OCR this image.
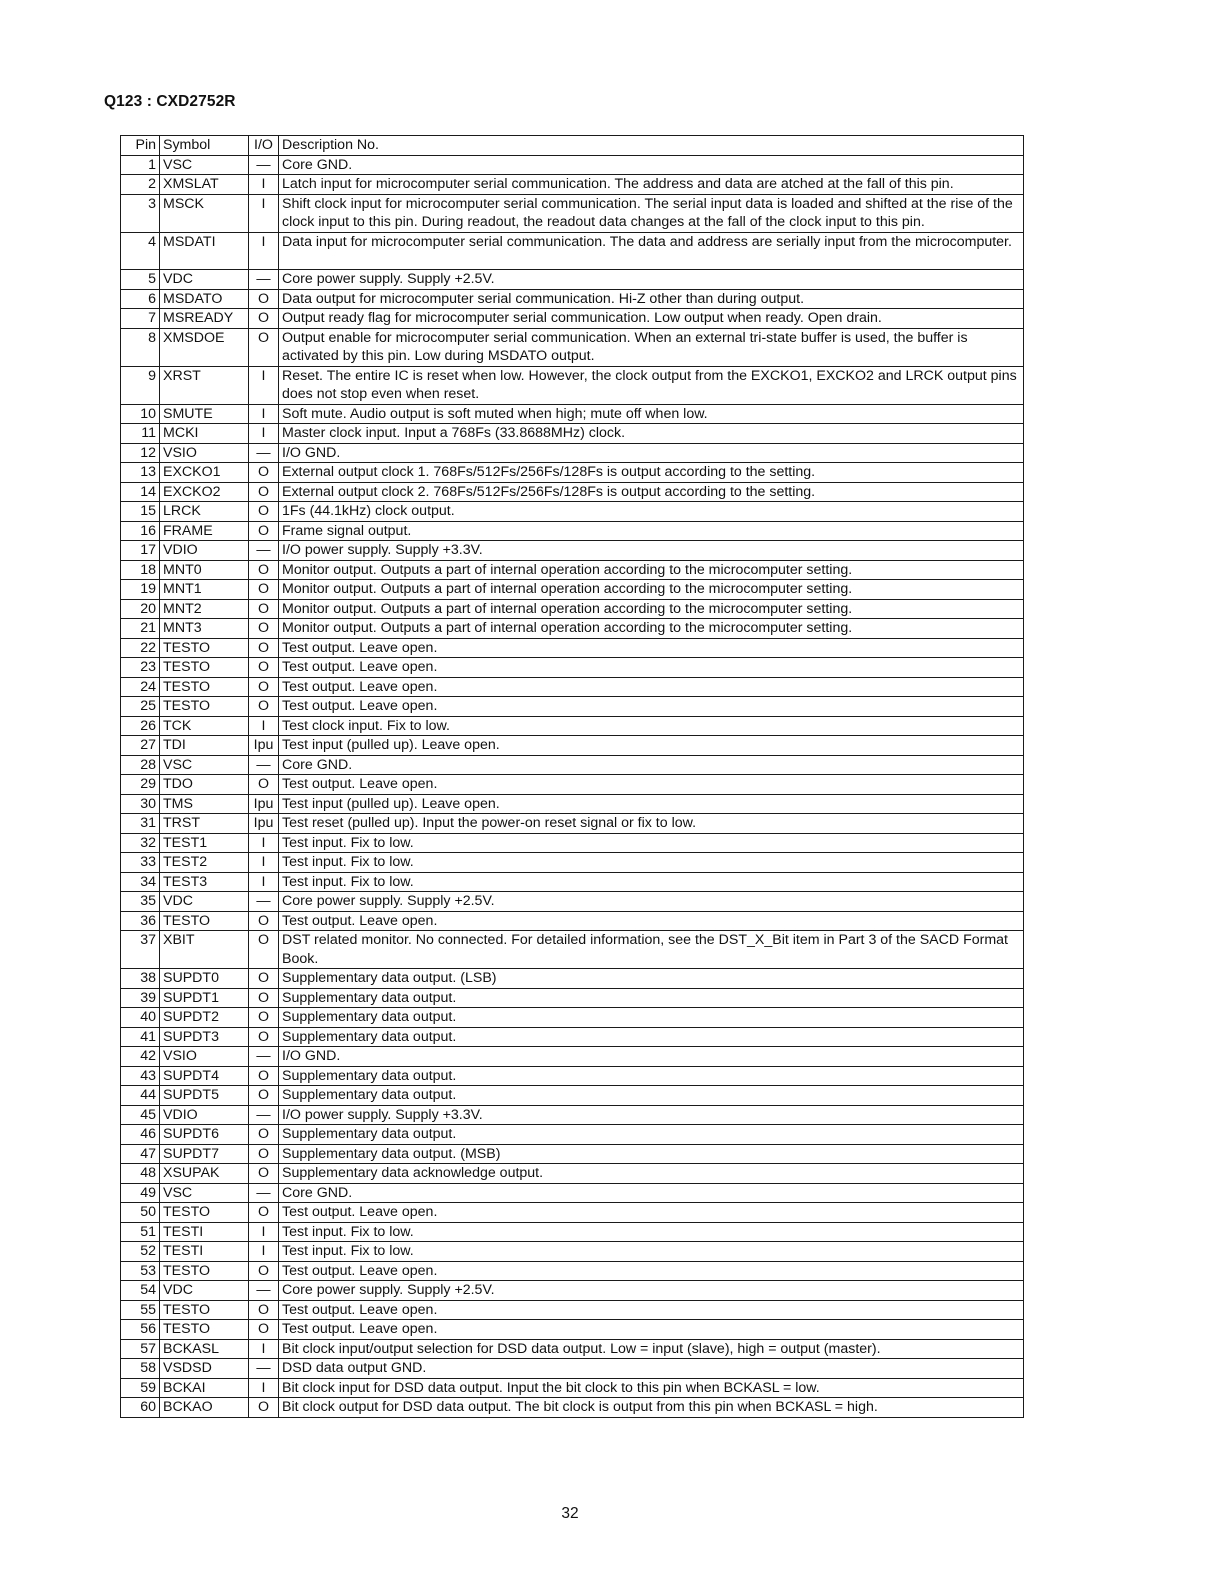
Q123 : CXD2752R
Pin	Symbol	I/O	Description No.
1	VSC	—	Core GND.
2	XMSLAT	I	Latch input for microcomputer serial communication. The address and data are atched at the fall of this pin.
3	MSCK	I	Shift clock input for microcomputer serial communication. The serial input data is loaded and shifted at the rise of the clock input to this pin. During readout, the readout data changes at the fall of the clock input to this pin.
4	MSDATI	I	Data input for microcomputer serial communication. The data and address are serially input from the microcomputer.
5	VDC	—	Core power supply. Supply +2.5V.
6	MSDATO	O	Data output for microcomputer serial communication. Hi-Z other than during output.
7	MSREADY	O	Output ready flag for microcomputer serial communication. Low output when ready. Open drain.
8	XMSDOE	O	Output enable for microcomputer serial communication. When an external tri-state buffer is used, the buffer is activated by this pin. Low during MSDATO output.
9	XRST	I	Reset. The entire IC is reset when low. However, the clock output from the EXCKO1, EXCKO2 and LRCK output pins does not stop even when reset.
10	SMUTE	I	Soft mute. Audio output is soft muted when high; mute off when low.
11	MCKI	I	Master clock input. Input a 768Fs (33.8688MHz) clock.
12	VSIO	—	I/O GND.
13	EXCKO1	O	External output clock 1. 768Fs/512Fs/256Fs/128Fs is output according to the setting.
14	EXCKO2	O	External output clock 2. 768Fs/512Fs/256Fs/128Fs is output according to the setting.
15	LRCK	O	1Fs (44.1kHz) clock output.
16	FRAME	O	Frame signal output.
17	VDIO	—	I/O power supply. Supply +3.3V.
18	MNT0	O	Monitor output. Outputs a part of internal operation according to the microcomputer setting.
19	MNT1	O	Monitor output. Outputs a part of internal operation according to the microcomputer setting.
20	MNT2	O	Monitor output. Outputs a part of internal operation according to the microcomputer setting.
21	MNT3	O	Monitor output. Outputs a part of internal operation according to the microcomputer setting.
22	TESTO	O	Test output. Leave open.
23	TESTO	O	Test output. Leave open.
24	TESTO	O	Test output. Leave open.
25	TESTO	O	Test output. Leave open.
26	TCK	I	Test clock input. Fix to low.
27	TDI	Ipu	Test input (pulled up). Leave open.
28	VSC	—	Core GND.
29	TDO	O	Test output. Leave open.
30	TMS	Ipu	Test input (pulled up). Leave open.
31	TRST	Ipu	Test reset (pulled up). Input the power-on reset signal or fix to low.
32	TEST1	I	Test input. Fix to low.
33	TEST2	I	Test input. Fix to low.
34	TEST3	I	Test input. Fix to low.
35	VDC	—	Core power supply. Supply +2.5V.
36	TESTO	O	Test output. Leave open.
37	XBIT	O	DST related monitor. No connected. For detailed information, see the DST_X_Bit item in Part 3 of the SACD Format Book.
38	SUPDT0	O	Supplementary data output. (LSB)
39	SUPDT1	O	Supplementary data output.
40	SUPDT2	O	Supplementary data output.
41	SUPDT3	O	Supplementary data output.
42	VSIO	—	I/O GND.
43	SUPDT4	O	Supplementary data output.
44	SUPDT5	O	Supplementary data output.
45	VDIO	—	I/O power supply. Supply +3.3V.
46	SUPDT6	O	Supplementary data output.
47	SUPDT7	O	Supplementary data output. (MSB)
48	XSUPAK	O	Supplementary data acknowledge output.
49	VSC	—	Core GND.
50	TESTO	O	Test output. Leave open.
51	TESTI	I	Test input. Fix to low.
52	TESTI	I	Test input. Fix to low.
53	TESTO	O	Test output. Leave open.
54	VDC	—	Core power supply. Supply +2.5V.
55	TESTO	O	Test output. Leave open.
56	TESTO	O	Test output. Leave open.
57	BCKASL	I	Bit clock input/output selection for DSD data output. Low = input (slave), high = output (master).
58	VSDSD	—	DSD data output GND.
59	BCKAI	I	Bit clock input for DSD data output. Input the bit clock to this pin when BCKASL = low.
60	BCKAO	O	Bit clock output for DSD data output. The bit clock is output from this pin when BCKASL = high.
32
